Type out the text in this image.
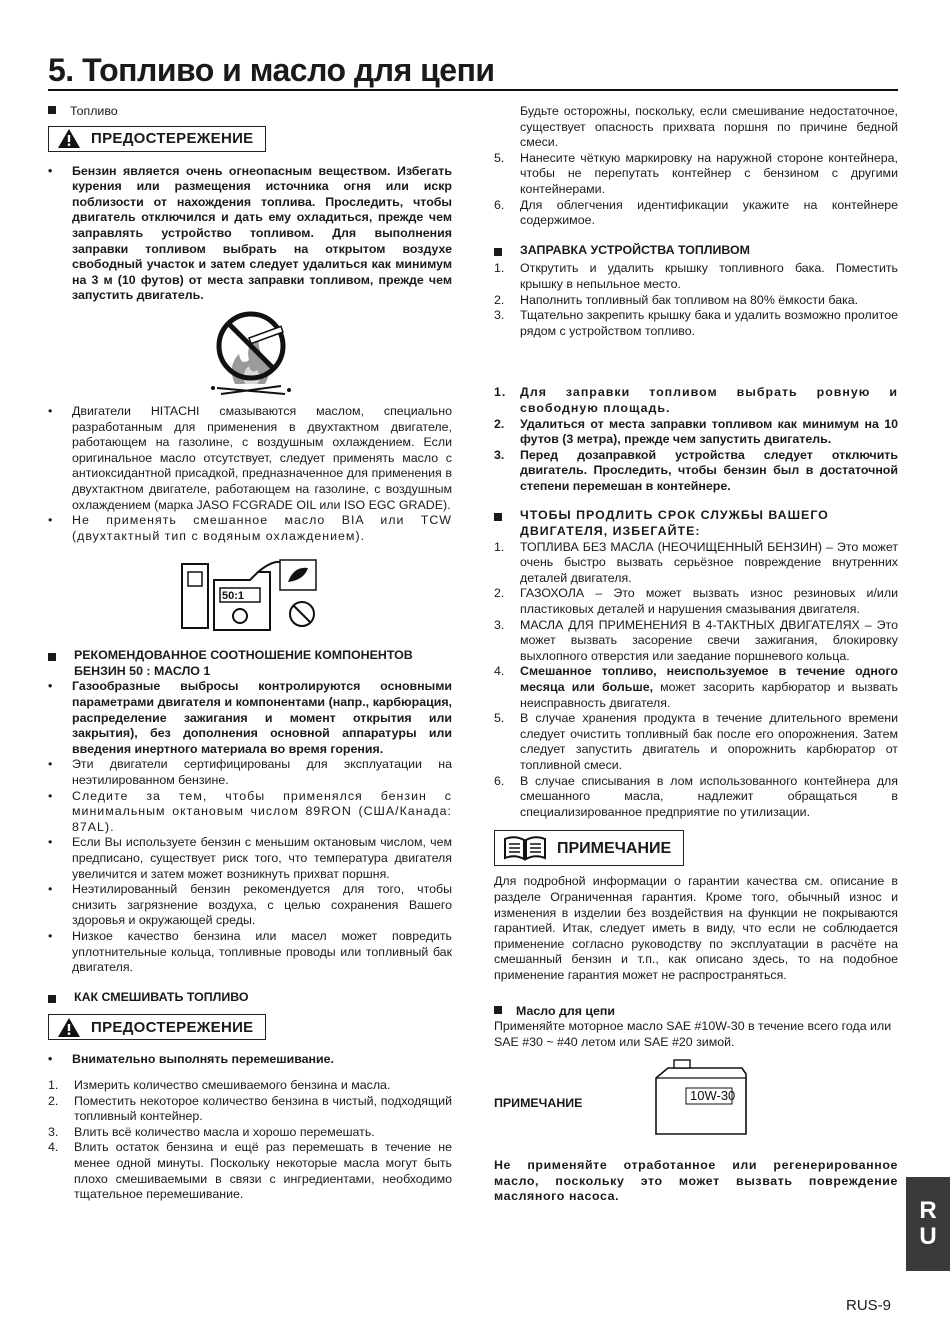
5. Топливо и масло для цепи

Топливо

ПРЕДОСТЕРЕЖЕНИЕ
•	Бензин является очень огнеопасным веществом. Избегать курения или размещения источника огня или искр поблизости от нахождения топлива. Проследить, чтобы двигатель отключился и дать ему охладиться, прежде чем заправлять устройство топливом. Для выполнения заправки топливом выбрать на открытом воздухе свободный участок и затем следует удалиться как минимум на 3 м (10 футов) от места заправки топливом, прежде чем запустить двигатель.
•	Двигатели HITACHI смазываются маслом, специально разработанным для применения в двухтактном двигателе, работающем на газолине, с воздушным охлаждением. Если оригинальное масло отсутствует, следует применять масло с антиоксидантной присадкой, предназначенное для применения в двухтактном двигателе, работающем на газолине, с воздушным охлаждением (марка JASO FCGRADE OIL или ISO EGC GRADE).
•	Не применять смешанное масло BIA или TCW (двухтактный тип с водяным охлаждением).
50:1
РЕКОМЕНДОВАННОЕ СООТНОШЕНИЕ КОМПОНЕНТОВ БЕНЗИН 50 : МАСЛО 1
•	Газообразные выбросы контролируются основными параметрами двигателя и компонентами (напр., карбюрация, распределение зажигания и момент открытия или закрытия), без дополнения основной аппаратуры или введения инертного материала во время горения.
•	Эти двигатели сертифицированы для эксплуатации на неэтилированном бензине.
•	Следите за тем, чтобы применялся бензин с минимальным октановым числом 89RON (США/Канада: 87AL).
•	Если Вы используете бензин с меньшим октановым числом, чем предписано, существует риск того, что температура двигателя увеличится и затем может возникнуть прихват поршня.
•	Неэтилированный бензин рекомендуется для того, чтобы снизить загрязнение воздуха, с целью сохранения Вашего здоровья и окружающей среды.
•	Низкое качество бензина или масел может повредить уплотнительные кольца, топливные проводы или топливный бак двигателя.
КАК СМЕШИВАТЬ ТОПЛИВО
ПРЕДОСТЕРЕЖЕНИЕ
•	Внимательно выполнять перемешивание.
1.	Измерить количество смешиваемого бензина и масла.
2.	Поместить некоторое количество бензина в чистый, подходящий топливный контейнер.
3.	Влить всё количество масла и хорошо перемешать.
4.	Влить остаток бензина и ещё раз перемешать в течение не менее одной минуты. Поскольку некоторые масла могут быть плохо смешиваемыми в связи с ингредиентами, необходимо тщательное перемешивание.
Будьте осторожны, поскольку, если смешивание недостаточное, существует опасность прихвата поршня по причине бедной смеси.
5.	Нанесите чёткую маркировку на наружной стороне контейнера, чтобы не перепутать контейнер с бензином с другими контейнерами.
6.	Для облегчения идентификации укажите на контейнере содержимое.
ЗАПРАВКА УСТРОЙСТВА ТОПЛИВОМ
1.	Открутить и удалить крышку топливного бака. Поместить крышку в непыльное место.
2.	Наполнить топливный бак топливом на 80% ёмкости бака.
3.	Тщательно закрепить крышку бака и удалить возможно пролитое рядом с устройством топливо.
1.	Для заправки топливом выбрать ровную и свободную площадь.
2.	Удалиться от места заправки топливом как минимум на 10 футов (3 метра), прежде чем запустить двигатель.
3.	Перед дозаправкой устройства следует отключить двигатель. Проследить, чтобы бензин был в достаточной степени перемешан в контейнере.
ЧТОБЫ ПРОДЛИТЬ СРОК СЛУЖБЫ ВАШЕГО ДВИГАТЕЛЯ, ИЗБЕГАЙТЕ:
1.	ТОПЛИВА БЕЗ МАСЛА (НЕОЧИЩЕННЫЙ БЕНЗИН) – Это может очень быстро вызвать серьёзное повреждение внутренних деталей двигателя.
2.	ГАЗОХОЛА – Это может вызвать износ резиновых и/или пластиковых деталей и нарушения смазывания двигателя.
3.	МАСЛА ДЛЯ ПРИМЕНЕНИЯ В 4-ТАКТНЫХ ДВИГАТЕЛЯХ – Это может вызвать засорение свечи зажигания, блокировку выхлопного отверстия или заедание поршневого кольца.
4.	Смешанное топливо, неиспользуемое в течение одного месяца или больше, может засорить карбюратор и вызвать неисправность двигателя.
5.	В случае хранения продукта в течение длительного времени следует очистить топливный бак после его опорожнения. Затем следует запустить двигатель и опорожнить карбюратор от топливной смеси.
6.	В случае списывания в лом использованного контейнера для смешанного масла, надлежит обращаться в специализированное предприятие по утилизации.
ПРИМЕЧАНИЕ

Для подробной информации о гарантии качества см. описание в разделе Ограниченная гарантия. Кроме того, обычный износ и изменения в изделии без воздействия на функции не покрываются гарантией. Итак, следует иметь в виду, что если не соблюдается применение согласно руководству по эксплуатации в расчёте на смешанный бензин и т.п., как описано здесь, то на подобное применение гарантия может не распространяться.

Масло для цепи

Применяйте моторное масло SAE #10W-30 в течение всего года или SAE #30 ~ #40 летом или SAE #20 зимой.

10W-30

ПРИМЕЧАНИЕ

Не применяйте отработанное или регенерированное масло, поскольку это может вызвать повреждение масляного насоса.

R
U
RUS-9
